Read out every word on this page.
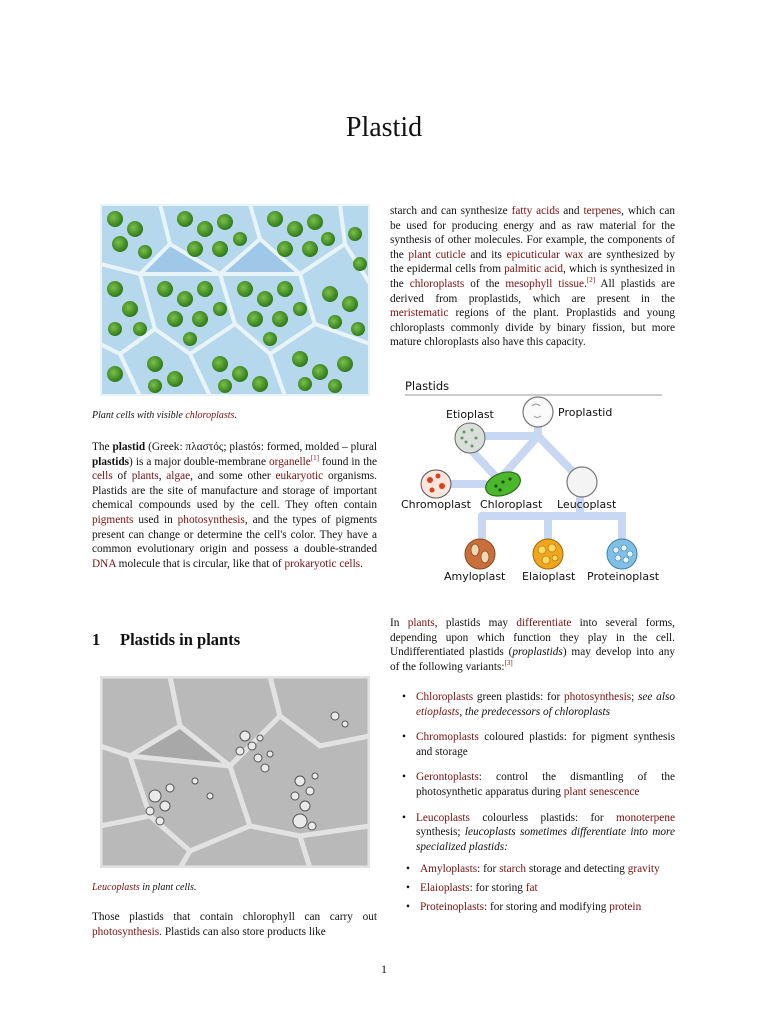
Plastid
Plant cells with visible chloroplasts.

The plastid (Greek: πλαστός; plastós: formed, molded – plural plastids) is a major double-membrane organelle[1] found in the cells of plants, algae, and some other eukaryotic organisms. Plastids are the site of manufacture and storage of important chemical compounds used by the cell. They often contain pigments used in photosynthesis, and the types of pigments present can change or determine the cell's color. They have a common evolutionary origin and possess a double-stranded DNA molecule that is circular, like that of prokaryotic cells.

1 Plastids in plants
Leucoplasts in plant cells.

Those plastids that contain chlorophyll can carry out photosynthesis. Plastids can also store products like

starch and can synthesize fatty acids and terpenes, which can be used for producing energy and as raw material for the synthesis of other molecules. For example, the components of the plant cuticle and its epicuticular wax are synthesized by the epidermal cells from palmitic acid, which is synthesized in the chloroplasts of the mesophyll tissue.[2] All plastids are derived from proplastids, which are present in the meristematic regions of the plant. Proplastids and young chloroplasts commonly divide by binary fission, but more mature chloroplasts also have this capacity.

Plastids
Proplastid
Etioplast
Chromoplast Chloroplast Leucoplast
Amyloplast Elaioplast Proteinoplast

In plants, plastids may differentiate into several forms, depending upon which function they play in the cell. Undifferentiated plastids (proplastids) may develop into any of the following variants:[3]

• Chloroplasts green plastids: for photosynthesis; see also etioplasts, the predecessors of chloroplasts
• Chromoplasts coloured plastids: for pigment synthesis and storage
• Gerontoplasts: control the dismantling of the photosynthetic apparatus during plant senescence
• Leucoplasts colourless plastids: for monoterpene synthesis; leucoplasts sometimes differentiate into more specialized plastids:
• Amyloplasts: for starch storage and detecting gravity
• Elaioplasts: for storing fat
• Proteinoplasts: for storing and modifying protein
1
